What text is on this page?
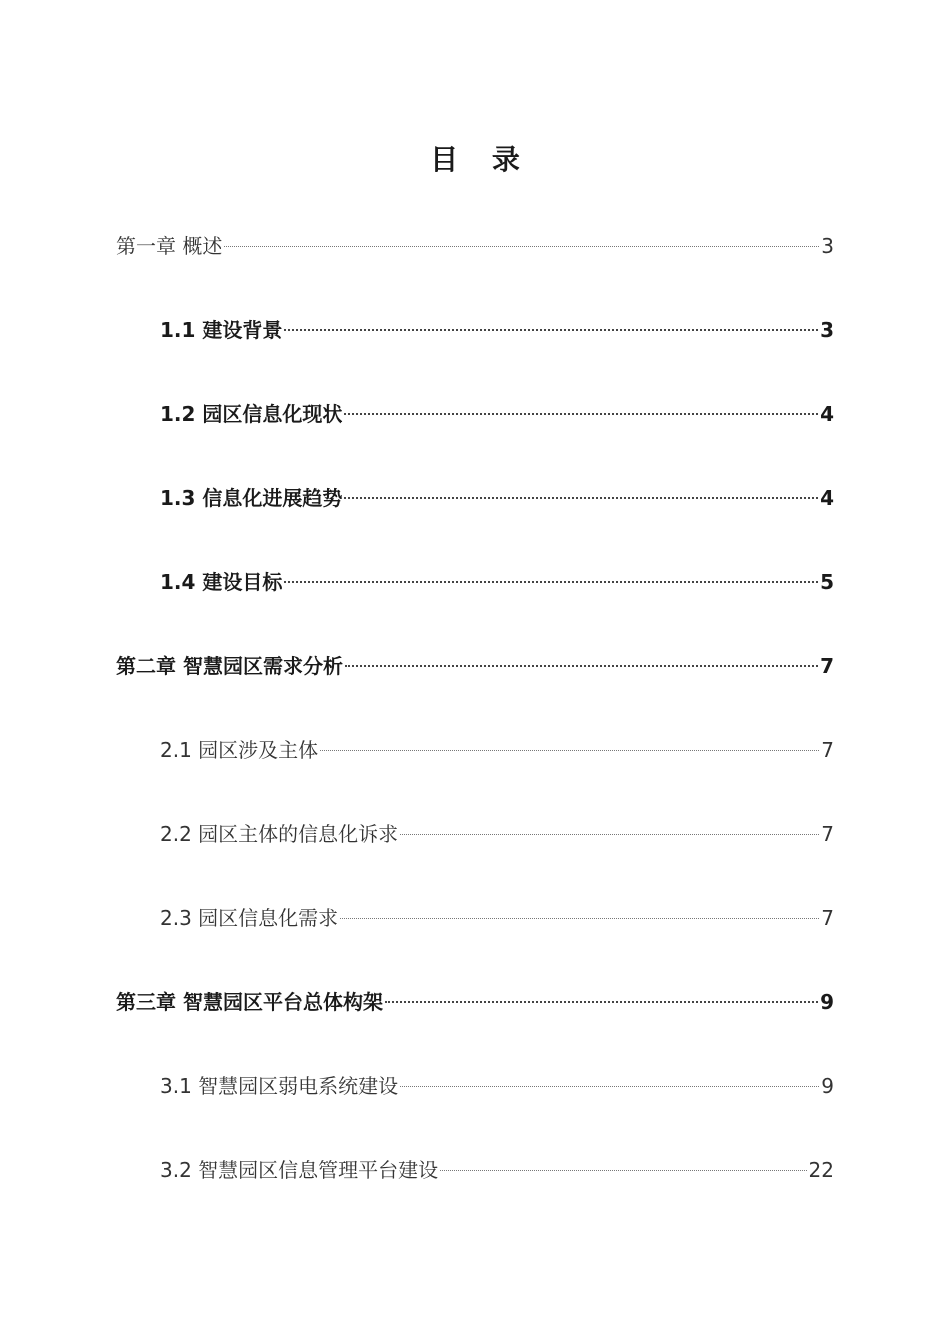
目 录
第一章 概述	3
1.1 建设背景	3
1.2 园区信息化现状	4
1.3 信息化进展趋势	4
1.4 建设目标	5
第二章 智慧园区需求分析	7
2.1 园区涉及主体	7
2.2 园区主体的信息化诉求	7
2.3 园区信息化需求	7
第三章 智慧园区平台总体构架	9
3.1 智慧园区弱电系统建设	9
3.2 智慧园区信息管理平台建设	22
